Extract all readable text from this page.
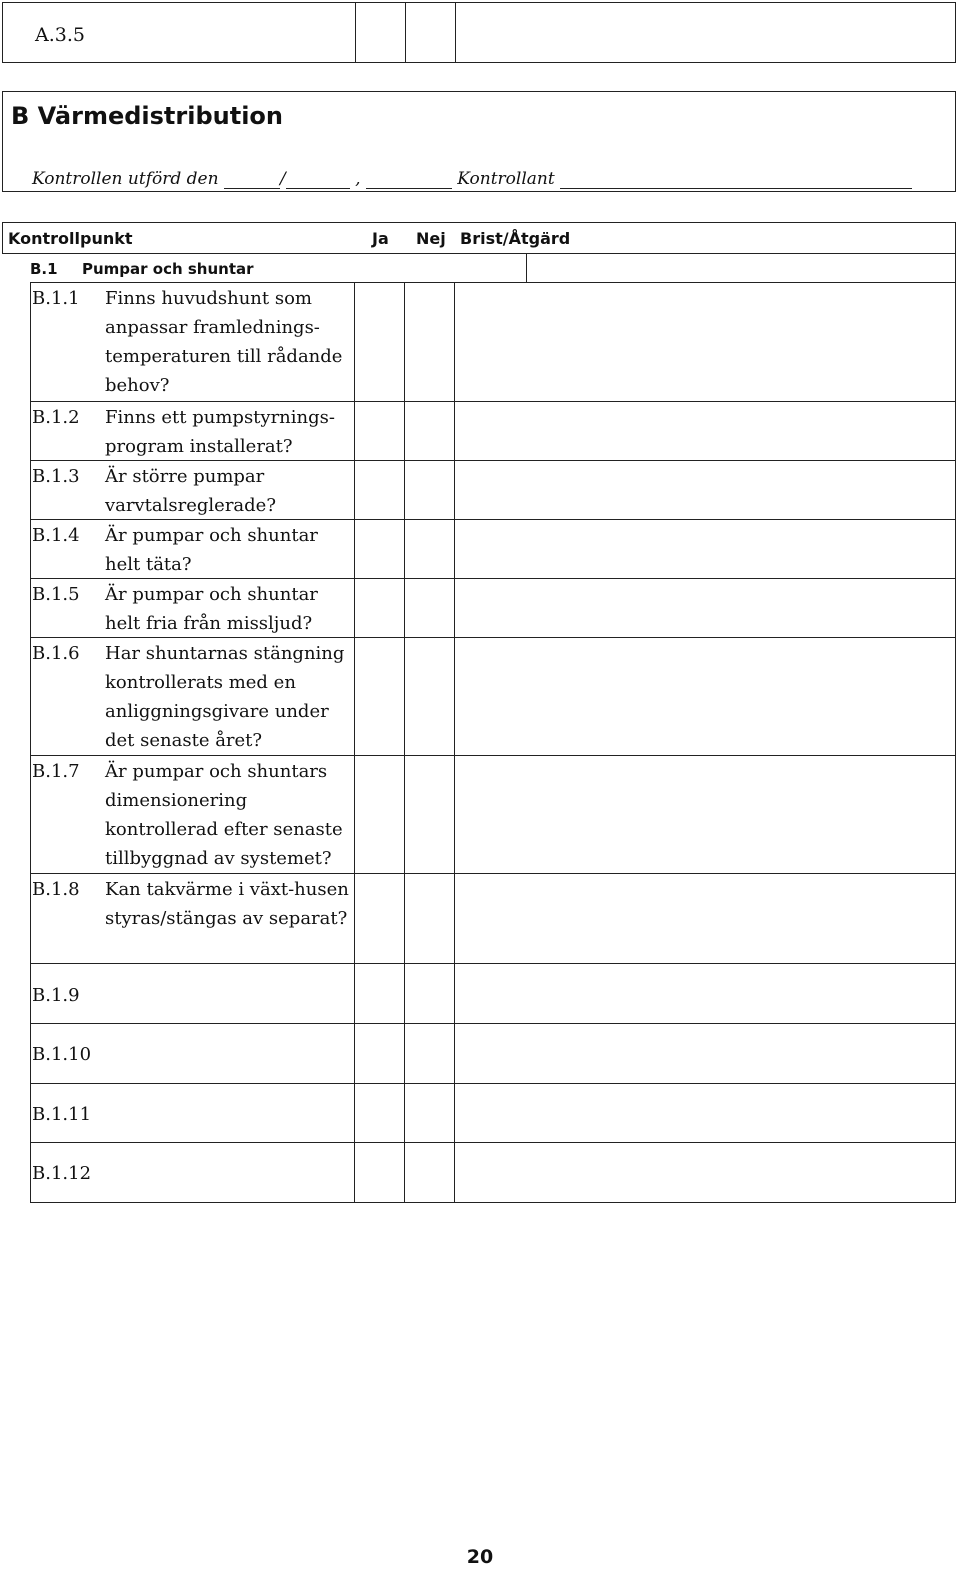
A.3.5
B Värmedistribution
Kontrollen utförd den	/	,	Kontrollant
Kontrollpunkt	Ja Nej Brist/Åtgärd
B.1 Pumpar och shuntar
B.1.1 Finns huvudshunt som anpassar framlednings-temperaturen till rådande behov?
B.1.2 Finns ett pumpstyrnings-program installerat?
B.1.3 Är större pumpar varvtalsreglerade?
B.1.4 Är pumpar och shuntar helt täta?
B.1.5 Är pumpar och shuntar helt fria från missljud?
B.1.6 Har shuntarnas stängning kontrollerats med en anliggningsgivare under det senaste året?
B.1.7 Är pumpar och shuntars dimensionering kontrollerad efter senaste tillbyggnad av systemet?
B.1.8 Kan takvärme i växt-husen styras/stängas av separat?
B.1.9
B.1.10
B.1.11
B.1.12
20
